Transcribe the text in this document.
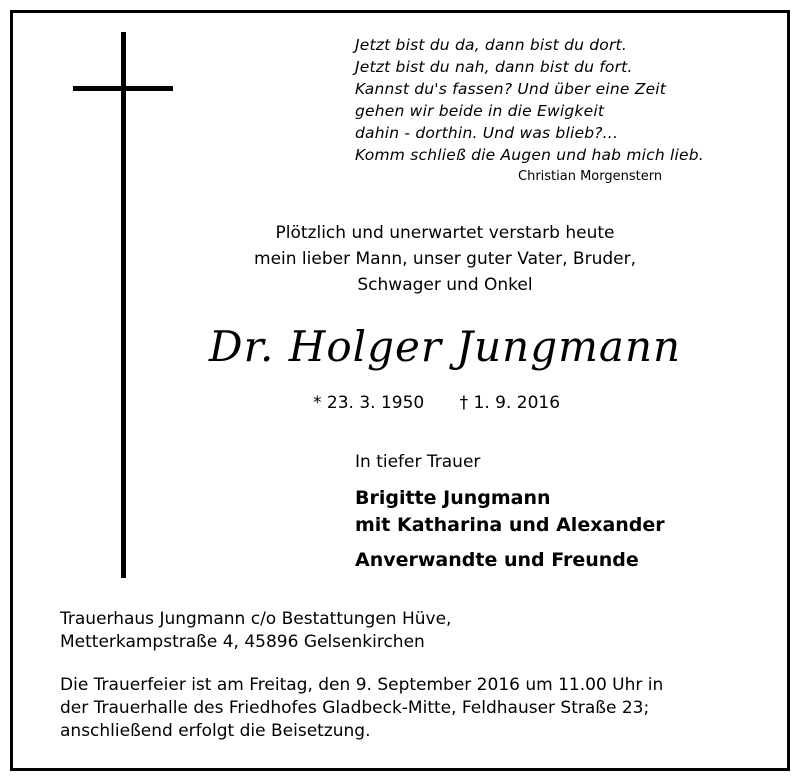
Jetzt bist du da, dann bist du dort.
Jetzt bist du nah, dann bist du fort.
Kannst du's fassen? Und über eine Zeit
gehen wir beide in die Ewigkeit
dahin - dorthin. Und was blieb?...
Komm schließ die Augen und hab mich lieb.
Christian Morgenstern
Plötzlich und unerwartet verstarb heute
mein lieber Mann, unser guter Vater, Bruder,
Schwager und Onkel
Dr. Holger Jungmann
* 23. 3. 1950 † 1. 9. 2016
In tiefer Trauer
Brigitte Jungmann
mit Katharina und Alexander
Anverwandte und Freunde
Trauerhaus Jungmann c/o Bestattungen Hüve,
Metterkampstraße 4, 45896 Gelsenkirchen
Die Trauerfeier ist am Freitag, den 9. September 2016 um 11.00 Uhr in
der Trauerhalle des Friedhofes Gladbeck-Mitte, Feldhauser Straße 23;
anschließend erfolgt die Beisetzung.
